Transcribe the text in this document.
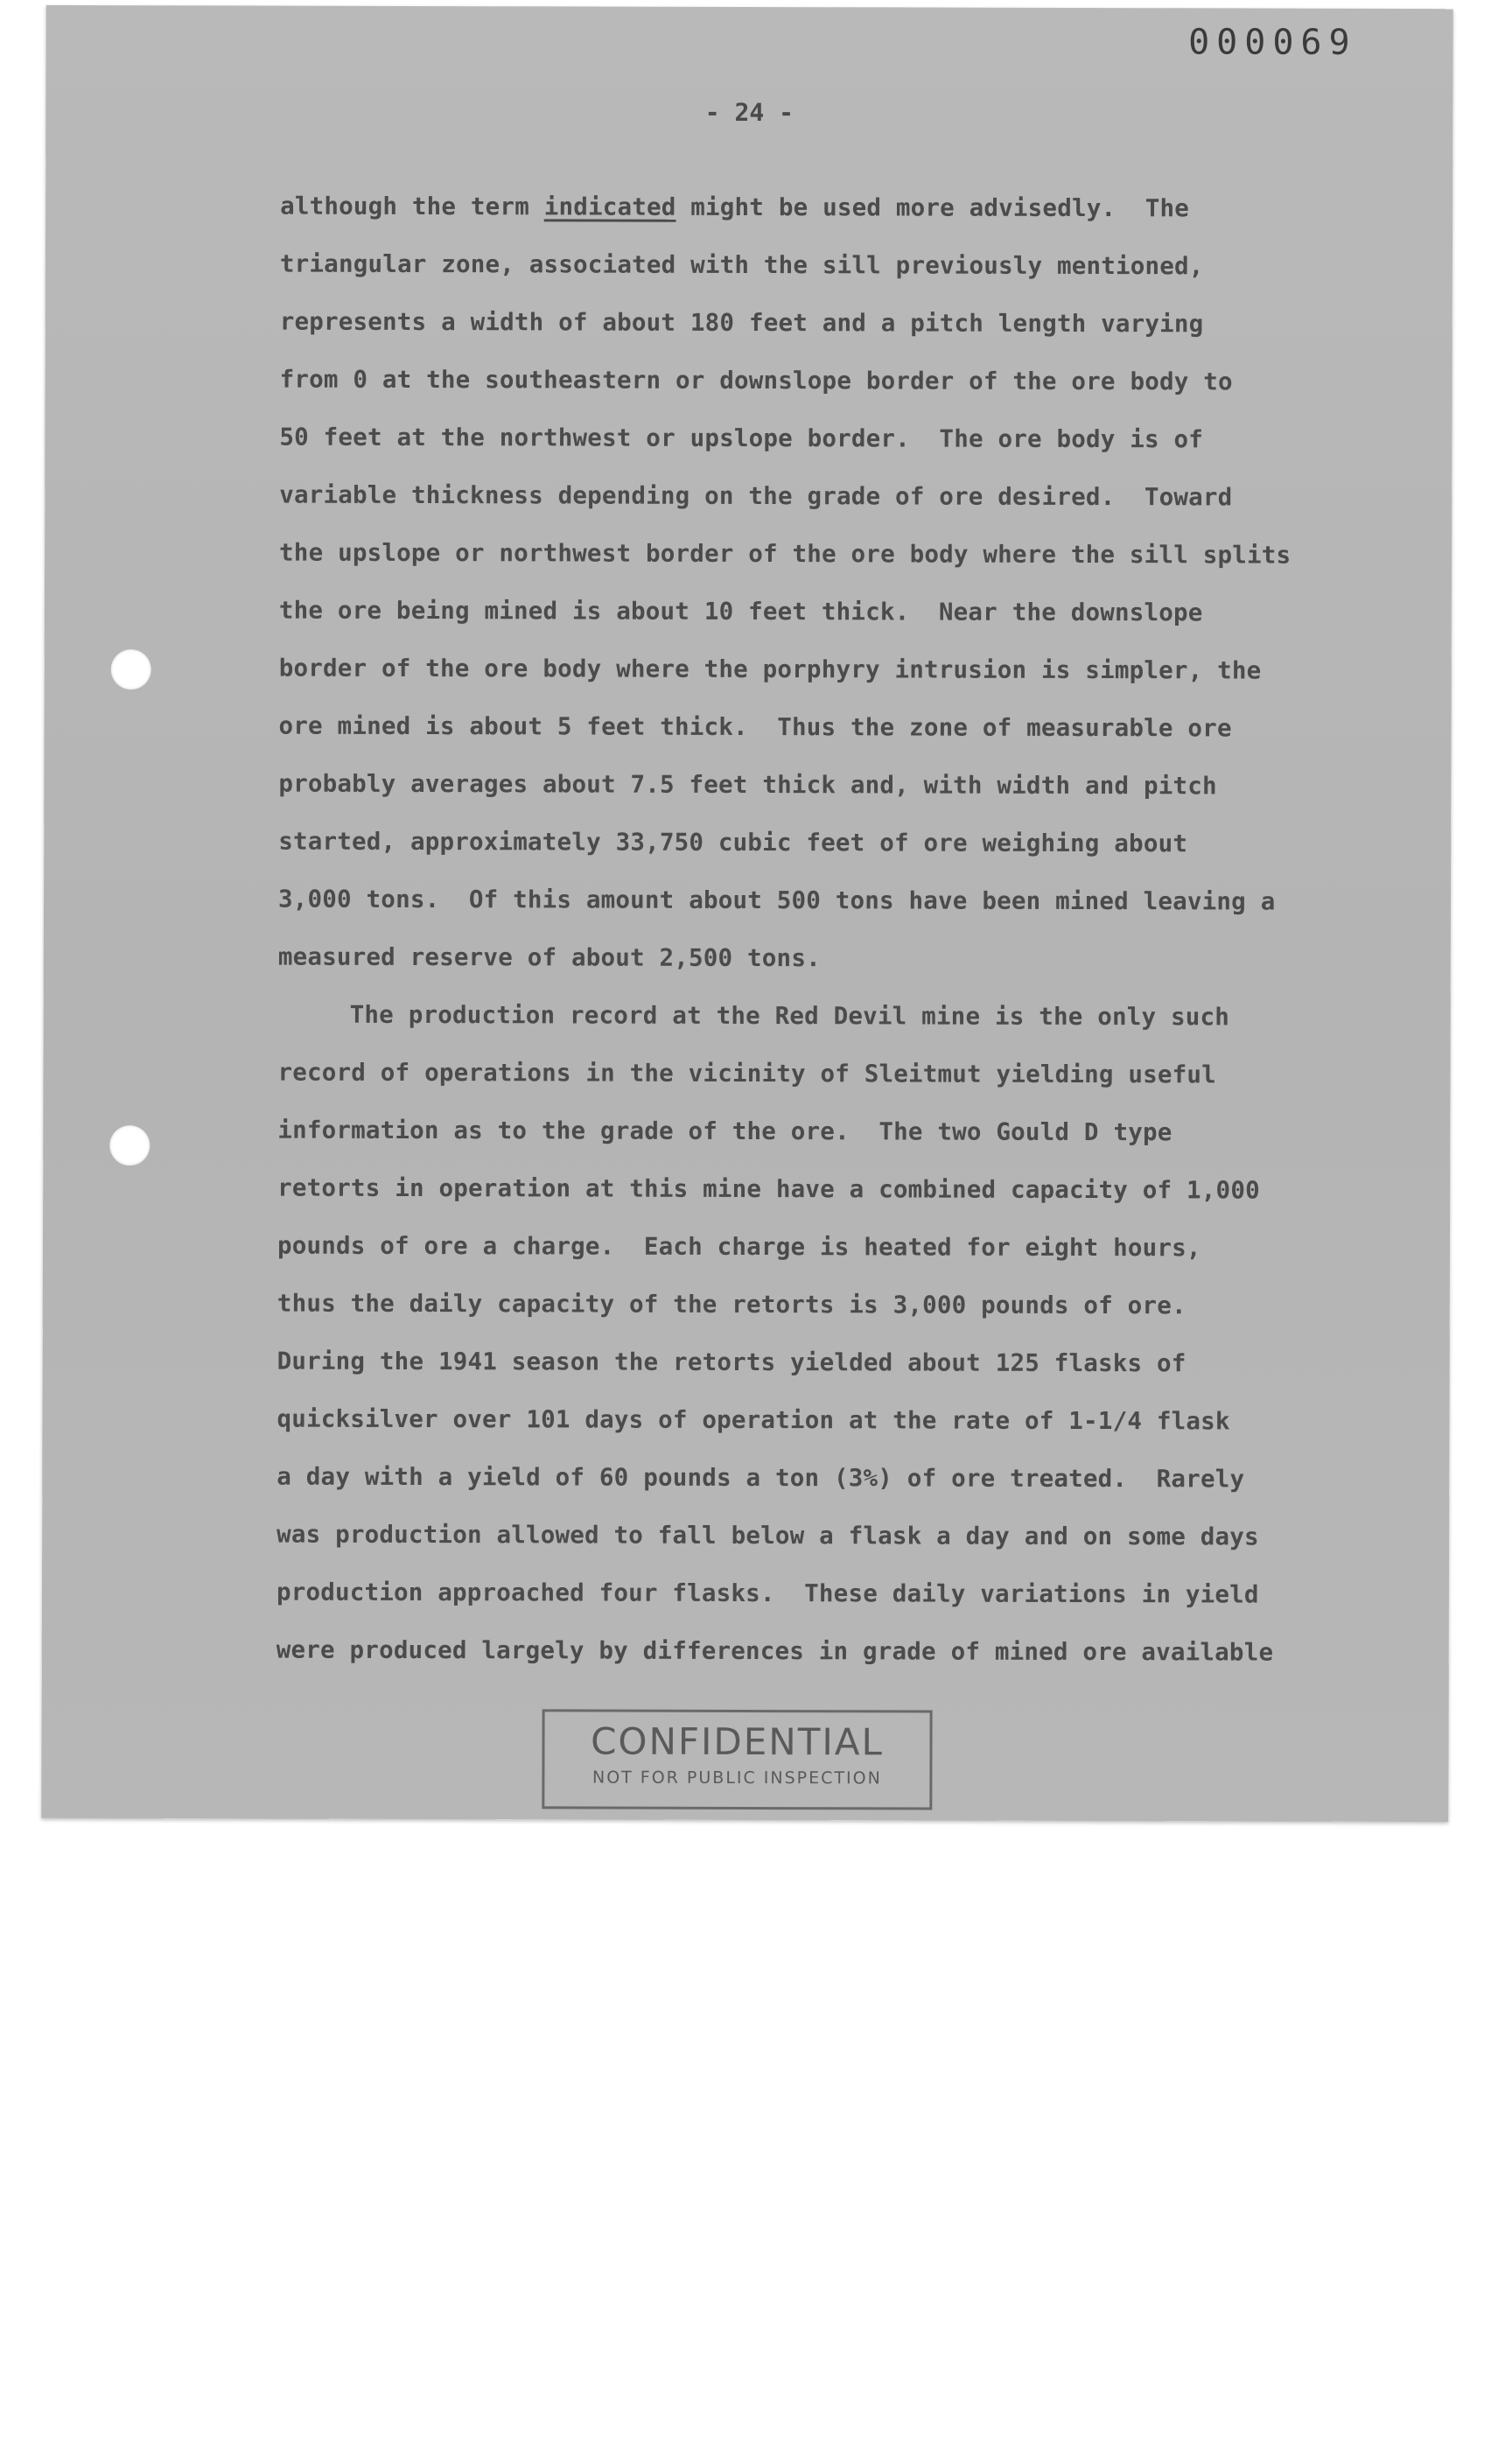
000069
- 24 -
although the term indicated might be used more advisedly.  The
triangular zone, associated with the sill previously mentioned,
represents a width of about 180 feet and a pitch length varying
from 0 at the southeastern or downslope border of the ore body to
50 feet at the northwest or upslope border.  The ore body is of
variable thickness depending on the grade of ore desired.  Toward
the upslope or northwest border of the ore body where the sill splits
the ore being mined is about 10 feet thick.  Near the downslope
border of the ore body where the porphyry intrusion is simpler, the
ore mined is about 5 feet thick.  Thus the zone of measurable ore
probably averages about 7.5 feet thick and, with width and pitch
started, approximately 33,750 cubic feet of ore weighing about
3,000 tons.  Of this amount about 500 tons have been mined leaving a
measured reserve of about 2,500 tons.
The production record at the Red Devil mine is the only such
record of operations in the vicinity of Sleitmut yielding useful
information as to the grade of the ore.  The two Gould D type
retorts in operation at this mine have a combined capacity of 1,000
pounds of ore a charge.  Each charge is heated for eight hours,
thus the daily capacity of the retorts is 3,000 pounds of ore.
During the 1941 season the retorts yielded about 125 flasks of
quicksilver over 101 days of operation at the rate of 1-1/4 flask
a day with a yield of 60 pounds a ton (3%) of ore treated.  Rarely
was production allowed to fall below a flask a day and on some days
production approached four flasks.  These daily variations in yield
were produced largely by differences in grade of mined ore available
CONFIDENTIAL
NOT FOR PUBLIC INSPECTION
